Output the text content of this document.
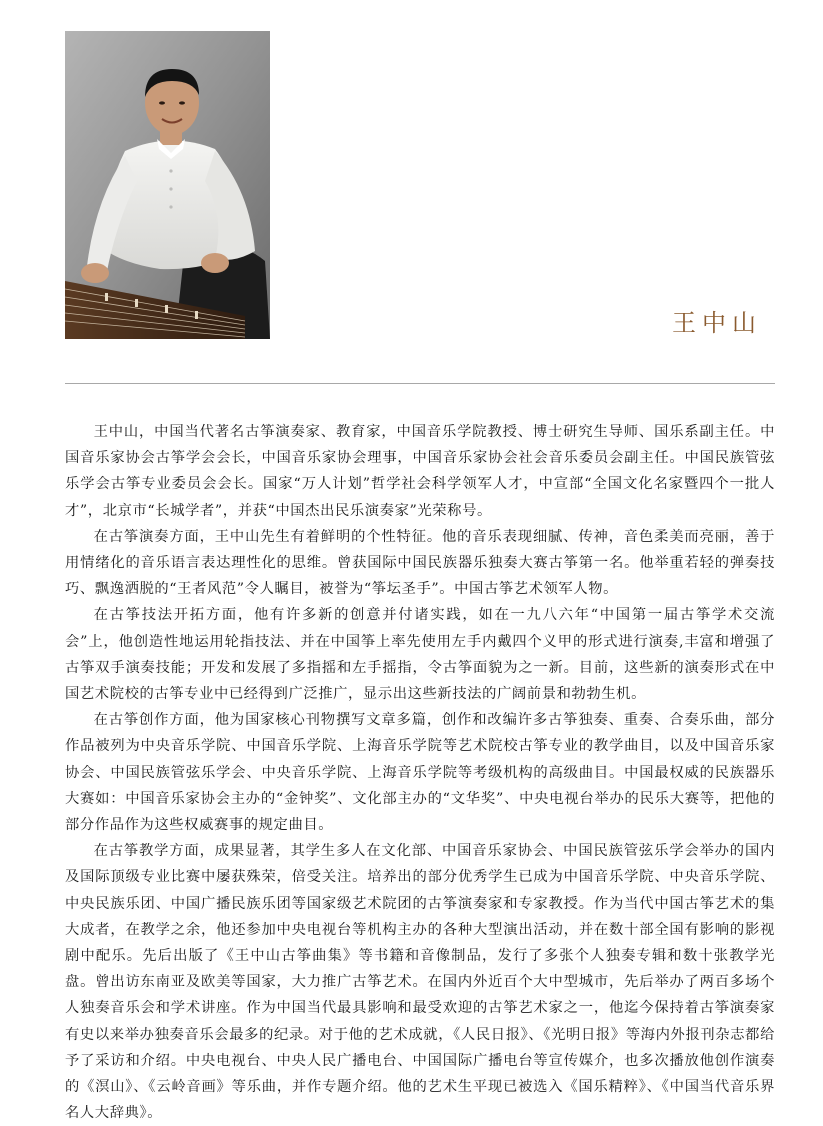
王中山

王中山，中国当代著名古筝演奏家、教育家，中国音乐学院教授、博士研究生导师、国乐系副主任。中国音乐家协会古筝学会会长，中国音乐家协会理事，中国音乐家协会社会音乐委员会副主任。中国民族管弦乐学会古筝专业委员会会长。国家“万人计划”哲学社会科学领军人才，中宣部“全国文化名家暨四个一批人才”，北京市“长城学者”，并获“中国杰出民乐演奏家”光荣称号。

在古筝演奏方面，王中山先生有着鲜明的个性特征。他的音乐表现细腻、传神，音色柔美而亮丽，善于用情绪化的音乐语言表达理性化的思维。曾获国际中国民族器乐独奏大赛古筝第一名。他举重若轻的弹奏技巧、飘逸洒脱的“王者风范”令人瞩目，被誉为“筝坛圣手”。中国古筝艺术领军人物。

在古筝技法开拓方面，他有许多新的创意并付诸实践，如在一九八六年“中国第一届古筝学术交流会”上，他创造性地运用轮指技法、并在中国筝上率先使用左手内戴四个义甲的形式进行演奏,丰富和增强了古筝双手演奏技能；开发和发展了多指摇和左手摇指，令古筝面貌为之一新。目前，这些新的演奏形式在中国艺术院校的古筝专业中已经得到广泛推广，显示出这些新技法的广阔前景和勃勃生机。

在古筝创作方面，他为国家核心刊物撰写文章多篇，创作和改编许多古筝独奏、重奏、合奏乐曲，部分作品被列为中央音乐学院、中国音乐学院、上海音乐学院等艺术院校古筝专业的教学曲目，以及中国音乐家协会、中国民族管弦乐学会、中央音乐学院、上海音乐学院等考级机构的高级曲目。中国最权威的民族器乐大赛如：中国音乐家协会主办的“金钟奖”、文化部主办的“文华奖”、中央电视台举办的民乐大赛等，把他的部分作品作为这些权威赛事的规定曲目。

在古筝教学方面，成果显著，其学生多人在文化部、中国音乐家协会、中国民族管弦乐学会举办的国内及国际顶级专业比赛中屡获殊荣，倍受关注。培养出的部分优秀学生已成为中国音乐学院、中央音乐学院、中央民族乐团、中国广播民族乐团等国家级艺术院团的古筝演奏家和专家教授。作为当代中国古筝艺术的集大成者，在教学之余，他还参加中央电视台等机构主办的各种大型演出活动，并在数十部全国有影响的影视剧中配乐。先后出版了《王中山古筝曲集》等书籍和音像制品，发行了多张个人独奏专辑和数十张教学光盘。曾出访东南亚及欧美等国家，大力推广古筝艺术。在国内外近百个大中型城市，先后举办了两百多场个人独奏音乐会和学术讲座。作为中国当代最具影响和最受欢迎的古筝艺术家之一，他迄今保持着古筝演奏家有史以来举办独奏音乐会最多的纪录。对于他的艺术成就，《人民日报》、《光明日报》等海内外报刊杂志都给予了采访和介绍。中央电视台、中央人民广播电台、中国国际广播电台等宣传媒介，也多次播放他创作演奏的《溟山》、《云岭音画》等乐曲，并作专题介绍。他的艺术生平现已被选入《国乐精粹》、《中国当代音乐界名人大辞典》。
